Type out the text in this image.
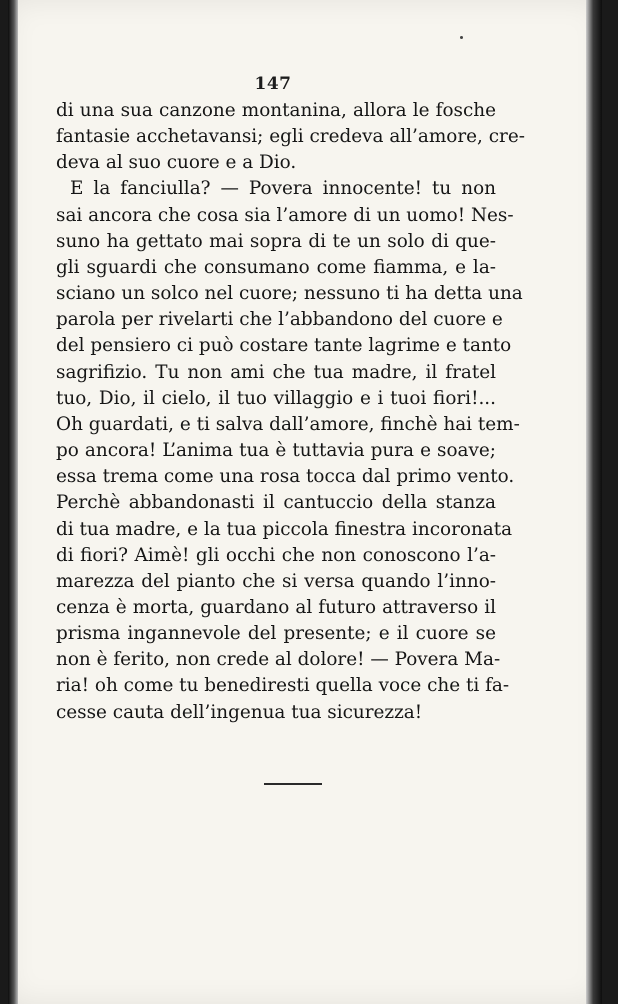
147
di una sua canzone montanina, allora le fosche
fantasie acchetavansi; egli credeva all’amore, cre-
deva al suo cuore e a Dio.
E la fanciulla? — Povera innocente! tu non
sai ancora che cosa sia l’amore di un uomo! Nes-
suno ha gettato mai sopra di te un solo di que-
gli sguardi che consumano come fiamma, e la-
sciano un solco nel cuore; nessuno ti ha detta una
parola per rivelarti che l’abbandono del cuore e
del pensiero ci può costare tante lagrime e tanto
sagrifizio. Tu non ami che tua madre, il fratel
tuo, Dio, il cielo, il tuo villaggio e i tuoi fiori!...
Oh guardati, e ti salva dall’amore, finchè hai tem-
po ancora! L’anima tua è tuttavia pura e soave;
essa trema come una rosa tocca dal primo vento.
Perchè abbandonasti il cantuccio della stanza
di tua madre, e la tua piccola finestra incoronata
di fiori? Aimè! gli occhi che non conoscono l’a-
marezza del pianto che si versa quando l’inno-
cenza è morta, guardano al futuro attraverso il
prisma ingannevole del presente; e il cuore se
non è ferito, non crede al dolore! — Povera Ma-
ria! oh come tu benediresti quella voce che ti fa-
cesse cauta dell’ingenua tua sicurezza!
